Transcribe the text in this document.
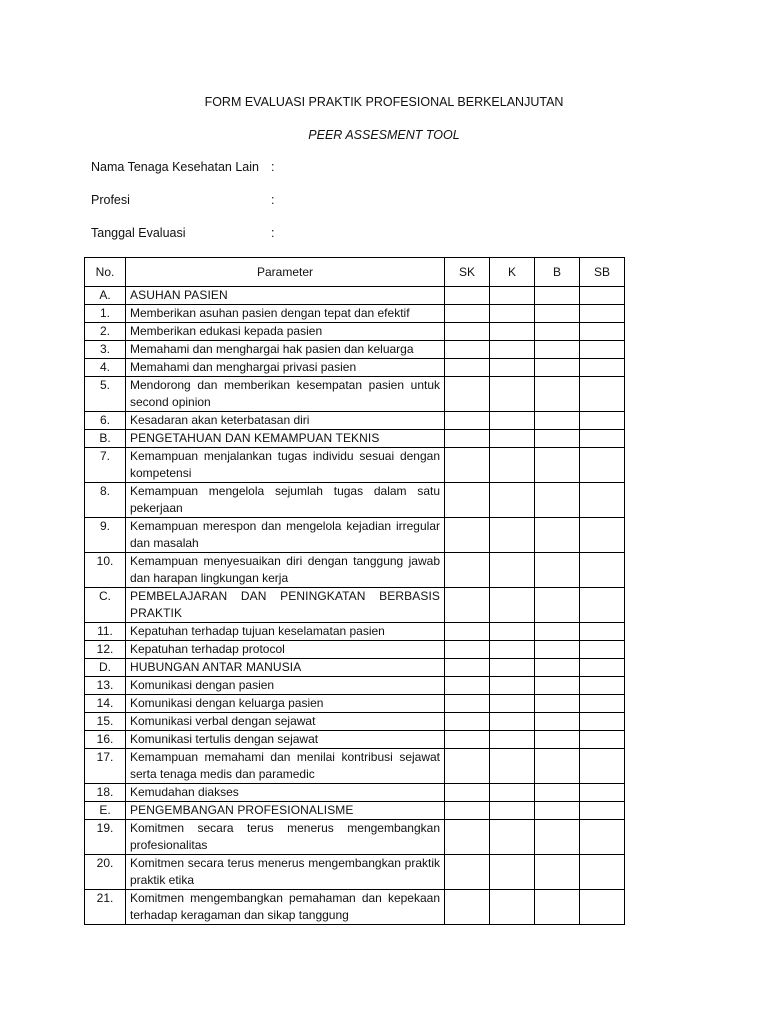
FORM EVALUASI PRAKTIK PROFESIONAL BERKELANJUTAN
PEER ASSESMENT TOOL
Nama Tenaga Kesehatan Lain :
Profesi	:
Tanggal Evaluasi	:
No.	Parameter	SK	K	B	SB
A.	ASUHAN PASIEN				
1.	Memberikan asuhan pasien dengan tepat dan efektif				
2.	Memberikan edukasi kepada pasien				
3.	Memahami dan menghargai hak pasien dan keluarga				
4.	Memahami dan menghargai privasi pasien				
5.	Mendorong dan memberikan kesempatan pasien untuk second opinion				
6.	Kesadaran akan keterbatasan diri				
B.	PENGETAHUAN DAN KEMAMPUAN TEKNIS				
7.	Kemampuan menjalankan tugas individu sesuai dengan kompetensi				
8.	Kemampuan mengelola sejumlah tugas dalam satu pekerjaan				
9.	Kemampuan merespon dan mengelola kejadian irregular dan masalah				
10.	Kemampuan menyesuaikan diri dengan tanggung jawab dan harapan lingkungan kerja				
C.	PEMBELAJARAN DAN PENINGKATAN BERBASIS PRAKTIK				
11.	Kepatuhan terhadap tujuan keselamatan pasien				
12.	Kepatuhan terhadap protocol				
D.	HUBUNGAN ANTAR MANUSIA				
13.	Komunikasi dengan pasien				
14.	Komunikasi dengan keluarga pasien				
15.	Komunikasi verbal dengan sejawat				
16.	Komunikasi tertulis dengan sejawat				
17.	Kemampuan memahami dan menilai kontribusi sejawat serta tenaga medis dan paramedic				
18.	Kemudahan diakses				
E.	PENGEMBANGAN PROFESIONALISME				
19.	Komitmen secara terus menerus mengembangkan profesionalitas				
20.	Komitmen secara terus menerus mengembangkan praktik praktik etika				
21.	Komitmen mengembangkan pemahaman dan kepekaan terhadap keragaman dan sikap tanggung				
